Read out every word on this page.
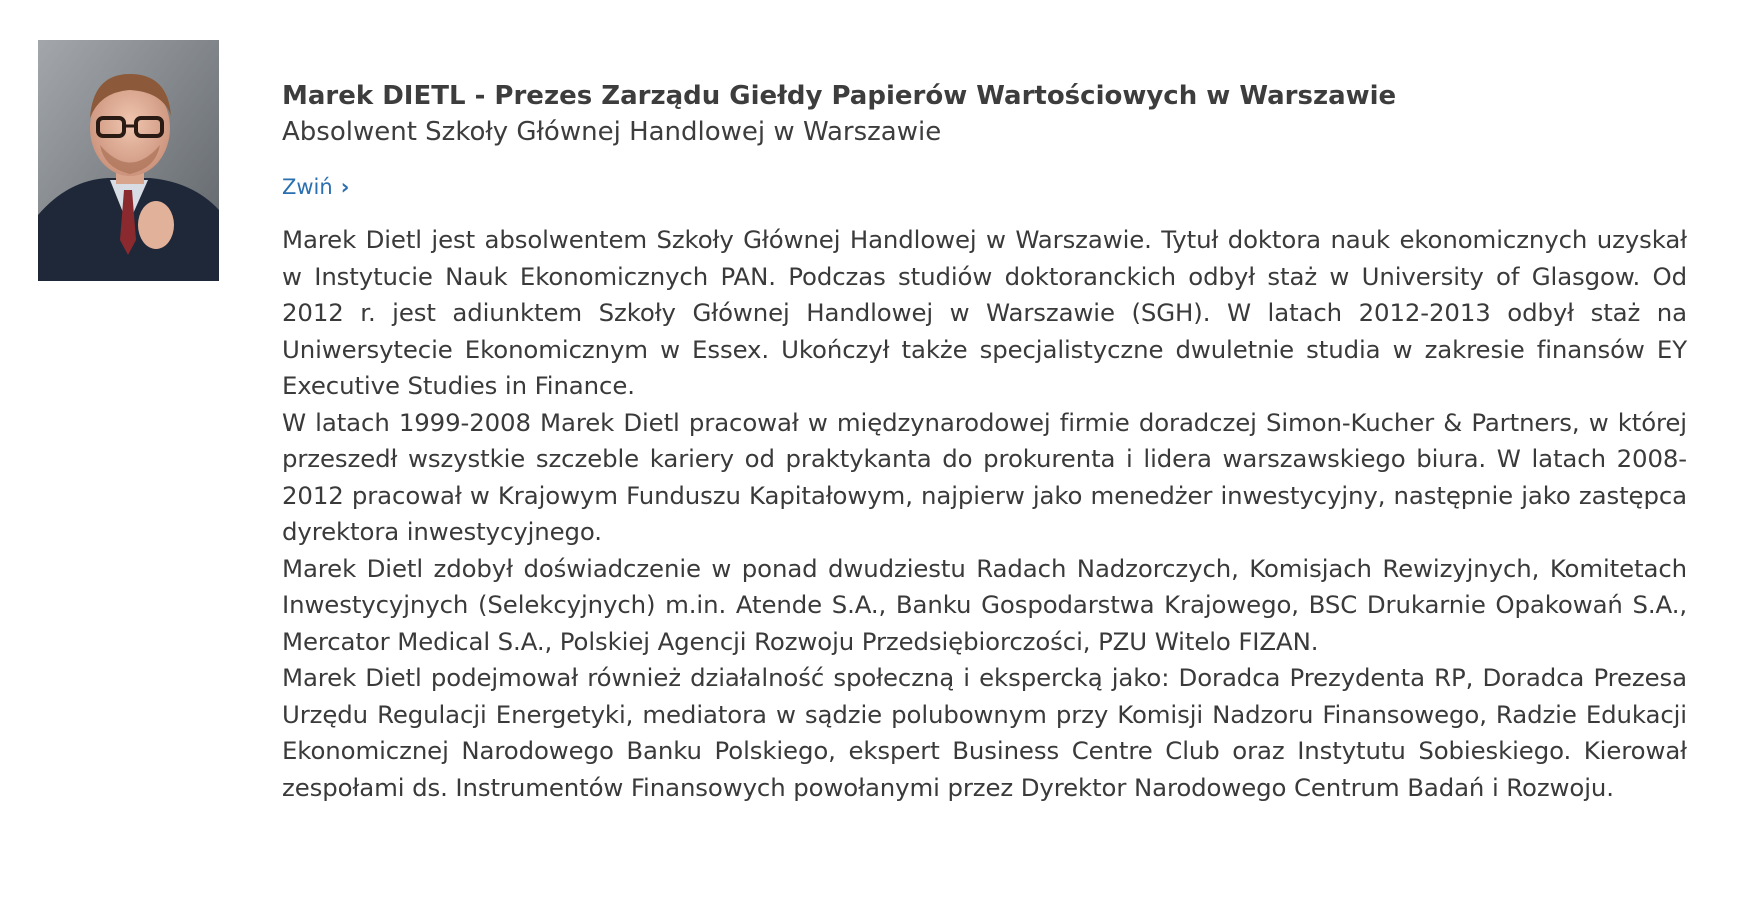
Marek DIETL - Prezes Zarządu Giełdy Papierów Wartościowych w Warszawie

Absolwent Szkoły Głównej Handlowej w Warszawie

Zwiń ›

Marek Dietl jest absolwentem Szkoły Głównej Handlowej w Warszawie. Tytuł doktora nauk ekonomicznych uzyskał w Instytucie Nauk Ekonomicznych PAN. Podczas studiów doktoranckich odbył staż w University of Glasgow. Od 2012 r. jest adiunktem Szkoły Głównej Handlowej w Warszawie (SGH). W latach 2012-2013 odbył staż na Uniwersytecie Ekonomicznym w Essex. Ukończył także specjalistyczne dwuletnie studia w zakresie finansów EY Executive Studies in Finance.

W latach 1999-2008 Marek Dietl pracował w międzynarodowej firmie doradczej Simon-Kucher & Partners, w której przeszedł wszystkie szczeble kariery od praktykanta do prokurenta i lidera warszawskiego biura. W latach 2008-2012 pracował w Krajowym Funduszu Kapitałowym, najpierw jako menedżer inwestycyjny, następnie jako zastępca dyrektora inwestycyjnego.

Marek Dietl zdobył doświadczenie w ponad dwudziestu Radach Nadzorczych, Komisjach Rewizyjnych, Komitetach Inwestycyjnych (Selekcyjnych) m.in. Atende S.A., Banku Gospodarstwa Krajowego, BSC Drukarnie Opakowań S.A., Mercator Medical S.A., Polskiej Agencji Rozwoju Przedsiębiorczości, PZU Witelo FIZAN.

Marek Dietl podejmował również działalność społeczną i ekspercką jako: Doradca Prezydenta RP, Doradca Prezesa Urzędu Regulacji Energetyki, mediatora w sądzie polubownym przy Komisji Nadzoru Finansowego, Radzie Edukacji Ekonomicznej Narodowego Banku Polskiego, ekspert Business Centre Club oraz Instytutu Sobieskiego. Kierował zespołami ds. Instrumentów Finansowych powołanymi przez Dyrektor Narodowego Centrum Badań i Rozwoju.
